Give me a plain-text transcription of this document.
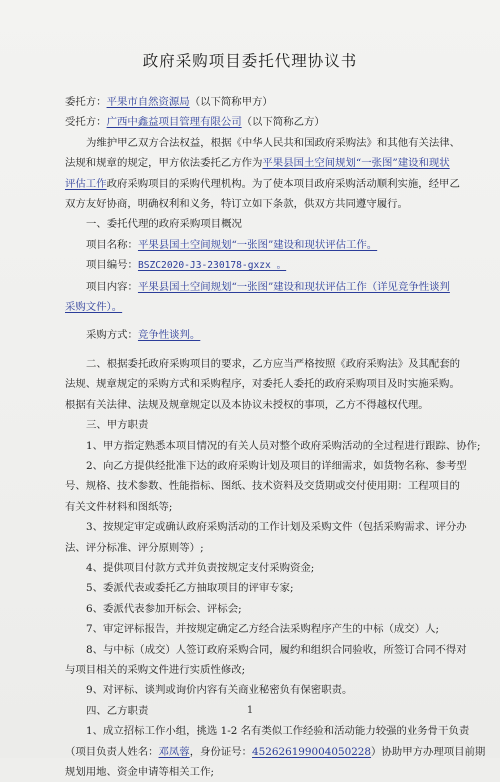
政府采购项目委托代理协议书

委托方：平果市自然资源局（以下简称甲方）

受托方：广西中鑫益项目管理有限公司（以下简称乙方）

为维护甲乙双方合法权益，根据《中华人民共和国政府采购法》和其他有关法律、

法规和规章的规定，甲方依法委托乙方作为平果县国土空间规划“一张图”建设和现状

评估工作政府采购项目的采购代理机构。为了使本项目政府采购活动顺利实施，经甲乙

双方友好协商，明确权利和义务，特订立如下条款，供双方共同遵守履行。

一、委托代理的政府采购项目概况

项目名称：平果县国土空间规划“一张图”建设和现状评估工作。

项目编号：BSZC2020-J3-230178-gxzx 。

项目内容：平果县国土空间规划“一张图”建设和现状评估工作（详见竞争性谈判

采购文件）。

采购方式：竞争性谈判。

二、根据委托政府采购项目的要求，乙方应当严格按照《政府采购法》及其配套的

法规、规章规定的采购方式和采购程序，对委托人委托的政府采购项目及时实施采购。

根据有关法律、法规及规章规定以及本协议未授权的事项，乙方不得越权代理。

三、甲方职责

1、甲方指定熟悉本项目情况的有关人员对整个政府采购活动的全过程进行跟踪、协作;

2、向乙方提供经批准下达的政府采购计划及项目的详细需求，如货物名称、参考型

号、规格、技术参数、性能指标、图纸、技术资料及交货期或交付使用期：工程项目的

有关文件材料和图纸等;

3、按规定审定或确认政府采购活动的工作计划及采购文件（包括采购需求、评分办

法、评分标准、评分原则等）;

4、提供项目付款方式并负责按规定支付采购资金;

5、委派代表或委托乙方抽取项目的评审专家;

6、委派代表参加开标会、评标会;

7、审定评标报告，并按规定确定乙方经合法采购程序产生的中标（成交）人;

8、与中标（成交）人签订政府采购合同，履约和组织合同验收，所签订合同不得对

与项目相关的采购文件进行实质性修改;

9、对评标、谈判或询价内容有关商业秘密负有保密职责。

四、乙方职责

1、成立招标工作小组，挑选 1-2 名有类似工作经验和活动能力较强的业务骨干负责

（项目负责人姓名：邓凤蓉，身份证号：452626199004050228）协助甲方办理项目前期

规划用地、资金申请等相关工作;

1
